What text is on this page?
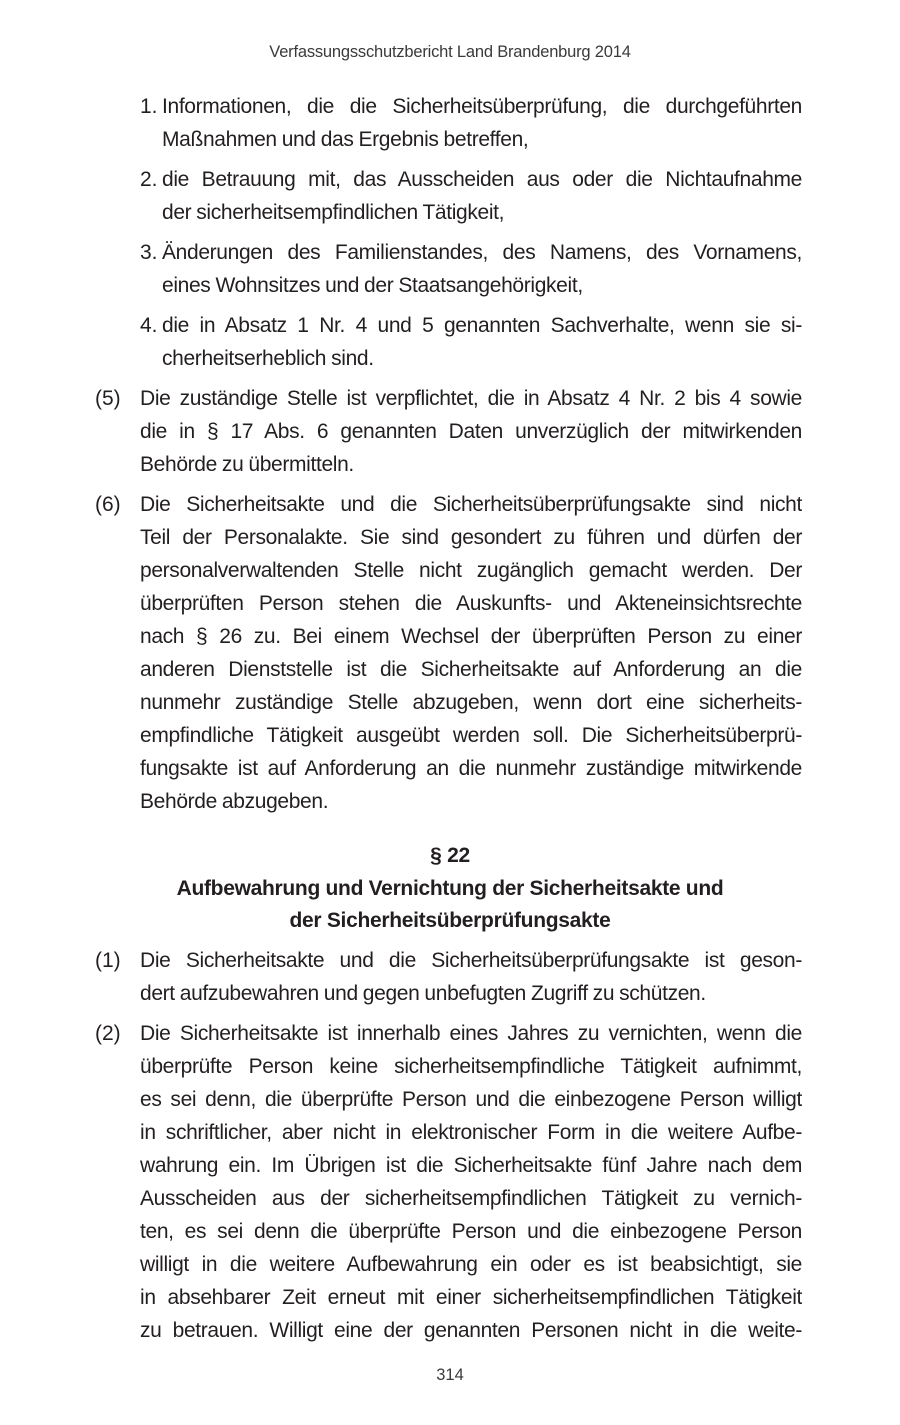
Verfassungsschutzbericht Land Brandenburg 2014
1. Informationen, die die Sicherheitsüberprüfung, die durchgeführten
Maßnahmen und das Ergebnis betreffen,
2. die Betrauung mit, das Ausscheiden aus oder die Nichtaufnahme
der sicherheitsempfindlichen Tätigkeit,
3. Änderungen des Familienstandes, des Namens, des Vornamens,
eines Wohnsitzes und der Staatsangehörigkeit,
4. die in Absatz 1 Nr. 4 und 5 genannten Sachverhalte, wenn sie si-
cherheitserheblich sind.
(5) Die zuständige Stelle ist verpflichtet, die in Absatz 4 Nr. 2 bis 4 sowie
die in § 17 Abs. 6 genannten Daten unverzüglich der mitwirkenden
Behörde zu übermitteln.
(6) Die Sicherheitsakte und die Sicherheitsüberprüfungsakte sind nicht
Teil der Personalakte. Sie sind gesondert zu führen und dürfen der
personalverwaltenden Stelle nicht zugänglich gemacht werden. Der
überprüften Person stehen die Auskunfts- und Akteneinsichtsrechte
nach § 26 zu. Bei einem Wechsel der überprüften Person zu einer
anderen Dienststelle ist die Sicherheitsakte auf Anforderung an die
nunmehr zuständige Stelle abzugeben, wenn dort eine sicherheits-
empfindliche Tätigkeit ausgeübt werden soll. Die Sicherheitsüberprü-
fungsakte ist auf Anforderung an die nunmehr zuständige mitwirkende
Behörde abzugeben.
§ 22
Aufbewahrung und Vernichtung der Sicherheitsakte und
der Sicherheitsüberprüfungsakte
(1) Die Sicherheitsakte und die Sicherheitsüberprüfungsakte ist geson-
dert aufzubewahren und gegen unbefugten Zugriff zu schützen.
(2) Die Sicherheitsakte ist innerhalb eines Jahres zu vernichten, wenn die
überprüfte Person keine sicherheitsempfindliche Tätigkeit aufnimmt,
es sei denn, die überprüfte Person und die einbezogene Person willigt
in schriftlicher, aber nicht in elektronischer Form in die weitere Aufbe-
wahrung ein. Im Übrigen ist die Sicherheitsakte fünf Jahre nach dem
Ausscheiden aus der sicherheitsempfindlichen Tätigkeit zu vernich-
ten, es sei denn die überprüfte Person und die einbezogene Person
willigt in die weitere Aufbewahrung ein oder es ist beabsichtigt, sie
in absehbarer Zeit erneut mit einer sicherheitsempfindlichen Tätigkeit
zu betrauen. Willigt eine der genannten Personen nicht in die weite-
314
